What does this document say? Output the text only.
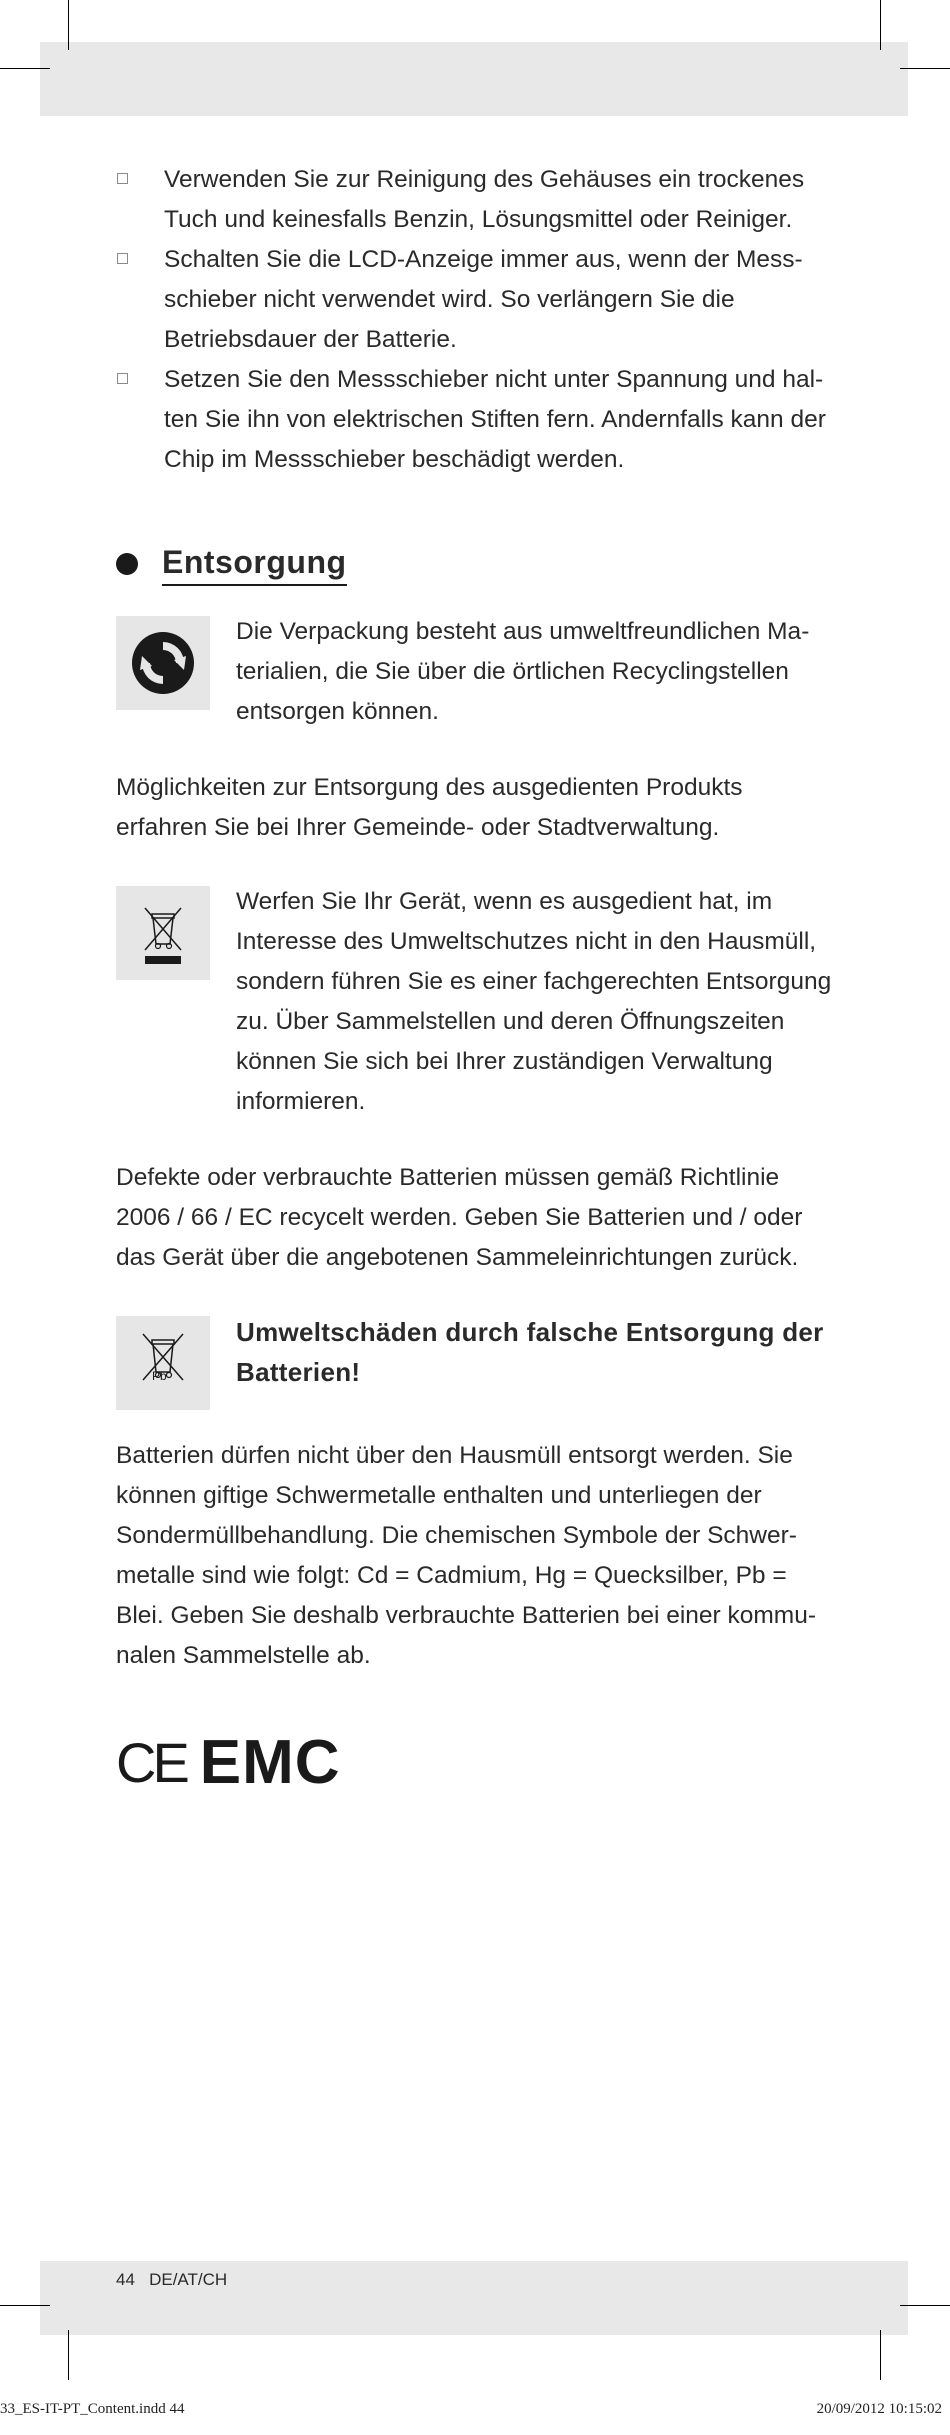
Verwenden Sie zur Reinigung des Gehäuses ein trockenes Tuch und keinesfalls Benzin, Lösungsmittel oder Reiniger.
Schalten Sie die LCD-Anzeige immer aus, wenn der Messschieber nicht verwendet wird. So verlängern Sie die Betriebsdauer der Batterie.
Setzen Sie den Messschieber nicht unter Spannung und halten Sie ihn von elektrischen Stiften fern. Andernfalls kann der Chip im Messschieber beschädigt werden.
Entsorgung
Die Verpackung besteht aus umweltfreundlichen Materialien, die Sie über die örtlichen Recyclingstellen entsorgen können.

Möglichkeiten zur Entsorgung des ausgedienten Produkts erfahren Sie bei Ihrer Gemeinde- oder Stadtverwaltung.

Werfen Sie Ihr Gerät, wenn es ausgedient hat, im Interesse des Umweltschutzes nicht in den Hausmüll, sondern führen Sie es einer fachgerechten Entsorgung zu. Über Sammelstellen und deren Öffnungszeiten können Sie sich bei Ihrer zuständigen Verwaltung informieren.

Defekte oder verbrauchte Batterien müssen gemäß Richtlinie 2006 / 66 / EC recycelt werden. Geben Sie Batterien und / oder das Gerät über die angebotenen Sammeleinrichtungen zurück.

Umweltschäden durch falsche Entsorgung der Batterien!
Pb

Batterien dürfen nicht über den Hausmüll entsorgt werden. Sie können giftige Schwermetalle enthalten und unterliegen der Sondermüllbehandlung. Die chemischen Symbole der Schwermetalle sind wie folgt: Cd = Cadmium, Hg = Quecksilber, Pb = Blei. Geben Sie deshalb verbrauchte Batterien bei einer kommunalen Sammelstelle ab.

CE EMC
44 DE/AT/CH
33_ES-IT-PT_Content.indd 44	20/09/2012 10:15:02
